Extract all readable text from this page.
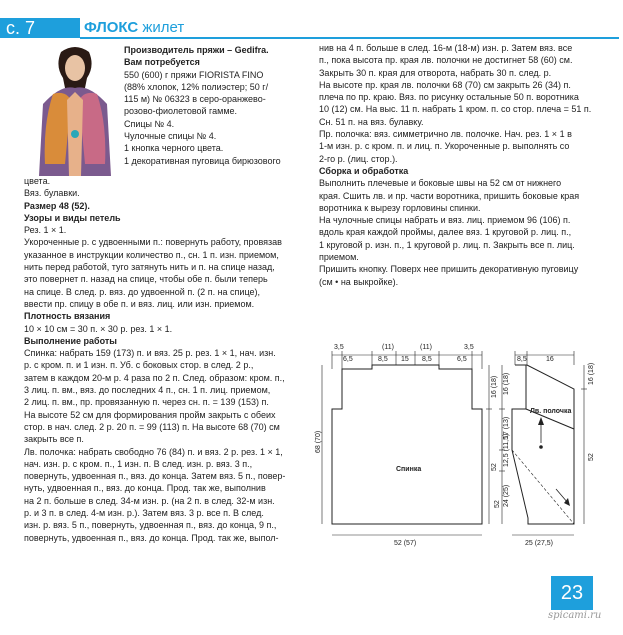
с. 7	ФЛОКС жилет

Производитель пряжи – Gedifra.

Вам потребуется

550 (600) г пряжи FIORISTA FINO

(88% хлопок, 12% полиэстер; 50 г/

115 м) № 06323 в серо-оранжево-

розово-фиолетовой гамме.

Спицы № 4.

Чулочные спицы № 4.

1 кнопка черного цвета.

1 декоративная пуговица бирюзового

цвета.

Вяз. булавки.

Размер 48 (52).

Узоры и виды петель

Рез. 1 × 1.

Укороченные р. с удвоенными п.: повернуть работу, провязав

указанное в инструкции количество п., сн. 1 п. изн. приемом,

нить перед работой, туго затянуть нить и п. на спице назад,

это повернет п. назад на спице, чтобы обе п. были теперь

на спице. В след. р. вяз. до удвоенной п. (2 п. на спице),

ввести пр. спицу в обе п. и вяз. лиц. или изн. приемом.

Плотность вязания

10 × 10 см = 30 п. × 30 р. рез. 1 × 1.

Выполнение работы

Спинка: набрать 159 (173) п. и вяз. 25 р. рез. 1 × 1, нач. изн.

р. с кром. п. и 1 изн. п. Уб. с боковых стор. в след. 2 р.,

затем в каждом 20-м р. 4 раза по 2 п. След. образом: кром. п.,

3 лиц. п. вм., вяз. до последних 4 п., сн. 1 п. лиц. приемом,

2 лиц. п. вм., пр. провязанную п. через сн. п. = 139 (153) п.

На высоте 52 см для формирования пройм закрыть с обеих

стор. в нач. след. 2 р. 20 п. = 99 (113) п. На высоте 68 (70) см

закрыть все п.

Лв. полочка: набрать свободно 76 (84) п. и вяз. 2 р. рез. 1 × 1,

нач. изн. р. с кром. п., 1 изн. п. В след. изн. р. вяз. 3 п.,

повернуть, удвоенная п., вяз. до конца. Затем вяз. 5 п., повер-

нуть, удвоенная п., вяз. до конца. Прод. так же, выполнив

на 2 п. больше в след. 34-м изн. р. (на 2 п. в след. 32-м изн.

р. и 3 п. в след. 4-м изн. р.). Затем вяз. 3 р. все п. В след.

изн. р. вяз. 5 п., повернуть, удвоенная п., вяз. до конца, 9 п.,

повернуть, удвоенная п., вяз. до конца. Прод. так же, выпол-

нив на 4 п. больше в след. 16-м (18-м) изн. р. Затем вяз. все

п., пока высота пр. края лв. полочки не достигнет 58 (60) см.

Закрыть 30 п. края для отворота, набрать 30 п. след. р.

На высоте пр. края лв. полочки 68 (70) см закрыть 26 (34) п.

плеча по пр. краю. Вяз. по рисунку остальные 50 п. воротника

10 (12) см. На выс. 11 п. набрать 1 кром. п. со стор. плеча = 51 п.

Сн. 51 п. на вяз. булавку.

Пр. полочка: вяз. симметрично лв. полочке. Нач. рез. 1 × 1 в

1-м изн. р. с кром. п. и лиц. п. Укороченные р. выполнять со

2-го р. (лиц. стор.).

Сборка и обработка

Выполнить плечевые и боковые швы на 52 см от нижнего

края. Сшить лв. и пр. части воротника, пришить боковые края

воротника к вырезу горловины спинки.

На чулочные спицы набрать и вяз. лиц. приемом 96 (106) п.

вдоль края каждой проймы, далее вяз. 1 круговой р. лиц. п.,

1 круговой р. изн. п., 1 круговой р. лиц. п. Закрыть все п. лиц.

приемом.

Пришить кнопку. Поверх нее пришить декоративную пуговицу

(см • на выкройке).

3,5	(11)	(11)	3,5
6,5	8,5 15 8,5	6,5
68 (70)
16 (18)
52
Спинка
52 (57)
8,5	16
Лв. полочка
16 (18)
17 (13)
12,5 (11,5)
24 (25)
52
16 (18)
52
25 (27,5)
23
spicami.ru
